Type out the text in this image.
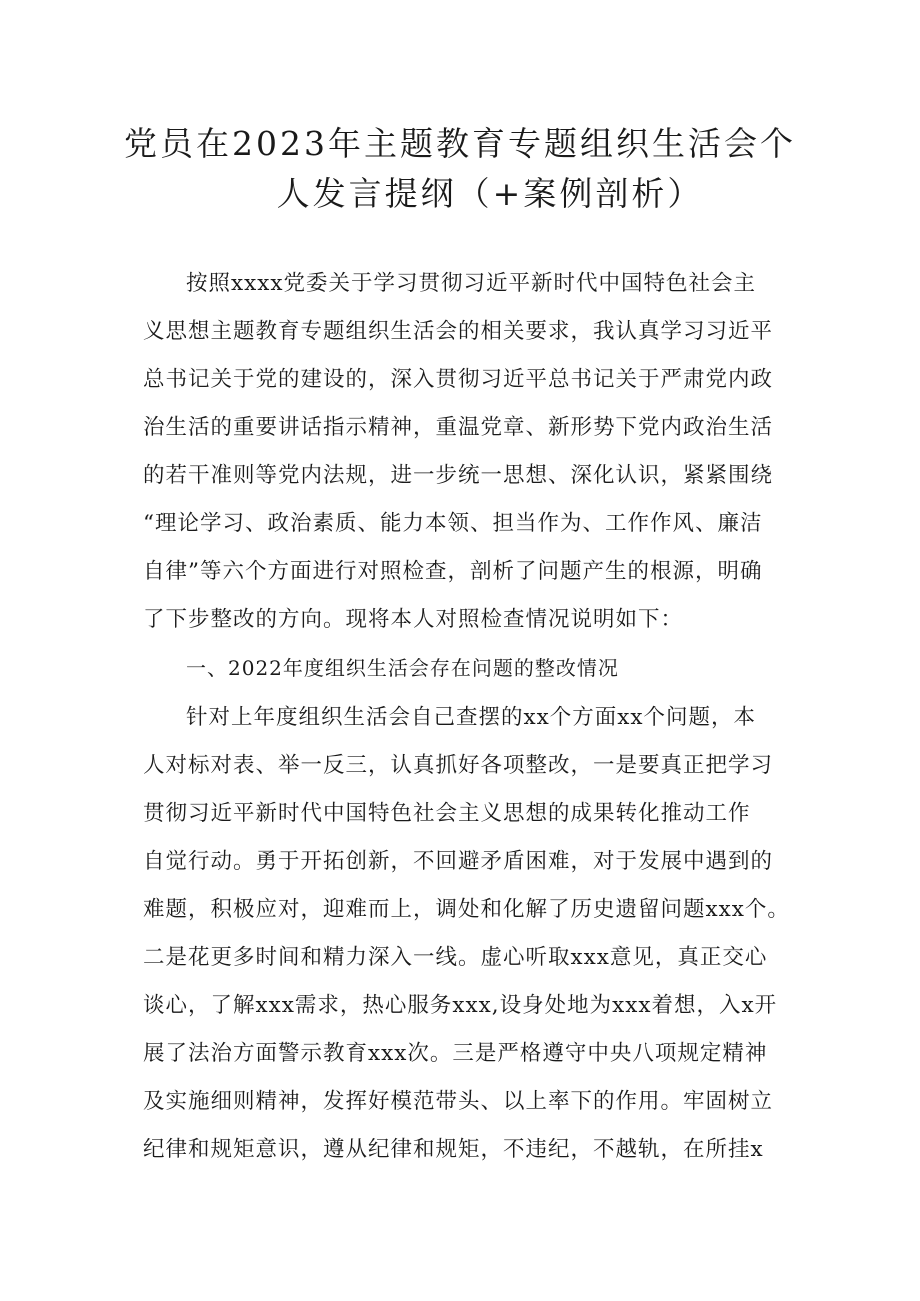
党员在2023年主题教育专题组织生活会个
人发言提纲（+案例剖析）
按照xxxx党委关于学习贯彻习近平新时代中国特色社会主
义思想主题教育专题组织生活会的相关要求，我认真学习习近平
总书记关于党的建设的，深入贯彻习近平总书记关于严肃党内政
治生活的重要讲话指示精神，重温党章、新形势下党内政治生活
的若干准则等党内法规，进一步统一思想、深化认识，紧紧围绕
“理论学习、政治素质、能力本领、担当作为、工作作风、廉洁
自律”等六个方面进行对照检查，剖析了问题产生的根源，明确
了下步整改的方向。现将本人对照检查情况说明如下：
一、2022年度组织生活会存在问题的整改情况
针对上年度组织生活会自己查摆的xx个方面xx个问题，本
人对标对表、举一反三，认真抓好各项整改，一是要真正把学习
贯彻习近平新时代中国特色社会主义思想的成果转化推动工作
自觉行动。勇于开拓创新，不回避矛盾困难，对于发展中遇到的
难题，积极应对，迎难而上，调处和化解了历史遗留问题xxx个。
二是花更多时间和精力深入一线。虚心听取xxx意见，真正交心
谈心，了解xxx需求，热心服务xxx,设身处地为xxx着想，入x开
展了法治方面警示教育xxx次。三是严格遵守中央八项规定精神
及实施细则精神，发挥好模范带头、以上率下的作用。牢固树立
纪律和规矩意识，遵从纪律和规矩，不违纪，不越轨，在所挂x
